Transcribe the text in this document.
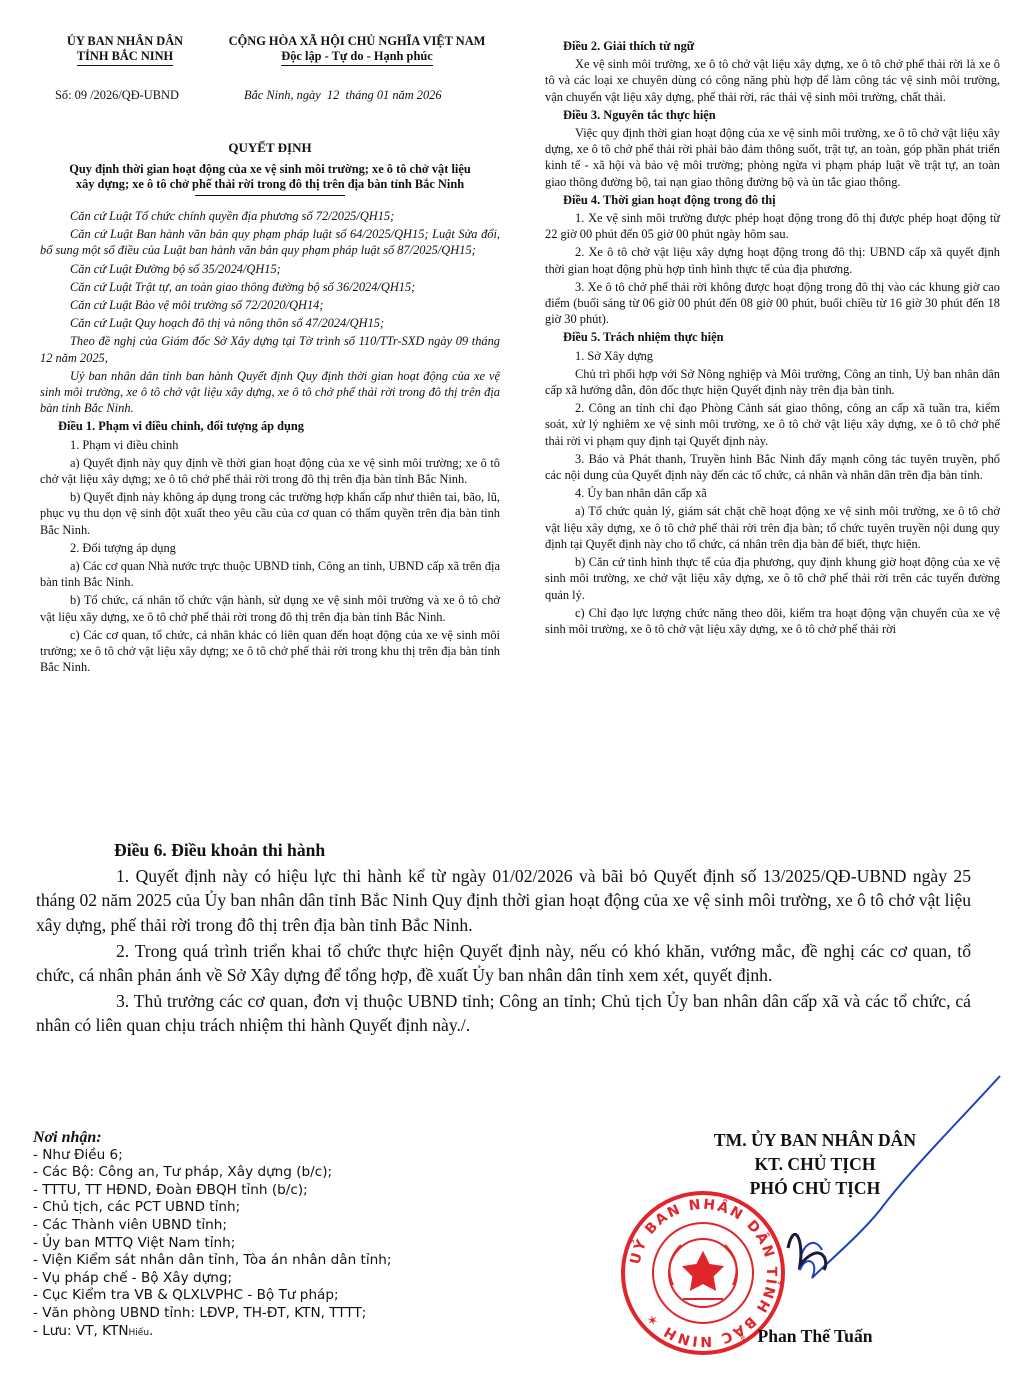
ỦY BAN NHÂN DÂN
TỈNH BẮC NINH
CỘNG HÒA XÃ HỘI CHỦ NGHĨA VIỆT NAM
Độc lập - Tự do - Hạnh phúc
Số: 09 /2026/QĐ-UBND	Bắc Ninh, ngày  12  tháng 01 năm 2026
QUYẾT ĐỊNH
Quy định thời gian hoạt động của xe vệ sinh môi trường; xe ô tô chở vật liệu
xây dựng; xe ô tô chở phế thải rời trong đô thị trên địa bàn tỉnh Bắc Ninh

Căn cứ Luật Tổ chức chính quyền địa phương số 72/2025/QH15;

Căn cứ Luật Ban hành văn bản quy phạm pháp luật số 64/2025/QH15; Luật Sửa đổi, bổ sung một số điều của Luật ban hành văn bản quy phạm pháp luật số 87/2025/QH15;

Căn cứ Luật Đường bộ số 35/2024/QH15;

Căn cứ Luật Trật tự, an toàn giao thông đường bộ số 36/2024/QH15;

Căn cứ Luật Bảo vệ môi trường số 72/2020/QH14;

Căn cứ Luật Quy hoạch đô thị và nông thôn số 47/2024/QH15;

Theo đề nghị của Giám đốc Sở Xây dựng tại Tờ trình số 110/TTr-SXD ngày 09 tháng 12 năm 2025,

Uỷ ban nhân dân tỉnh ban hành Quyết định Quy định thời gian hoạt động của xe vệ sinh môi trường, xe ô tô chở vật liệu xây dựng, xe ô tô chở phế thải rời trong đô thị trên địa bàn tỉnh Bắc Ninh.

Điều 1. Phạm vi điều chỉnh, đối tượng áp dụng

1. Phạm vi điều chỉnh

a) Quyết định này quy định về thời gian hoạt động của xe vệ sinh môi trường; xe ô tô chở vật liệu xây dựng; xe ô tô chở phế thải rời trong đô thị trên địa bàn tỉnh Bắc Ninh.

b) Quyết định này không áp dụng trong các trường hợp khẩn cấp như thiên tai, bão, lũ, phục vụ thu dọn vệ sinh đột xuất theo yêu cầu của cơ quan có thẩm quyền trên địa bàn tỉnh Bắc Ninh.

2. Đối tượng áp dụng

a) Các cơ quan Nhà nước trực thuộc UBND tỉnh, Công an tỉnh, UBND cấp xã trên địa bàn tỉnh Bắc Ninh.

b) Tổ chức, cá nhân tổ chức vận hành, sử dụng xe vệ sinh môi trường và xe ô tô chở vật liệu xây dựng, xe ô tô chở phế thải rời trong đô thị trên địa bàn tỉnh Bắc Ninh.

c) Các cơ quan, tổ chức, cá nhân khác có liên quan đến hoạt động của xe vệ sinh môi trường; xe ô tô chở vật liệu xây dựng; xe ô tô chở phế thải rời trong khu thị trên địa bàn tỉnh Bắc Ninh.

Điều 2. Giải thích từ ngữ

Xe vệ sinh môi trường, xe ô tô chở vật liệu xây dựng, xe ô tô chở phế thải rời là xe ô tô và các loại xe chuyên dùng có công năng phù hợp để làm công tác vệ sinh môi trường, vận chuyển vật liệu xây dựng, phế thải rời, rác thải vệ sinh môi trường, chất thải.

Điều 3. Nguyên tắc thực hiện

Việc quy định thời gian hoạt động của xe vệ sinh môi trường, xe ô tô chở vật liệu xây dựng, xe ô tô chở phế thải rời phải bảo đảm thông suốt, trật tự, an toàn, góp phần phát triển kinh tế - xã hội và bảo vệ môi trường; phòng ngừa vi phạm pháp luật về trật tự, an toàn giao thông đường bộ, tai nạn giao thông đường bộ và ùn tắc giao thông.

Điều 4. Thời gian hoạt động trong đô thị

1. Xe vệ sinh môi trường được phép hoạt động trong đô thị được phép hoạt động từ 22 giờ 00 phút đến 05 giờ 00 phút ngày hôm sau.

2. Xe ô tô chở vật liệu xây dựng hoạt động trong đô thị: UBND cấp xã quyết định thời gian hoạt động phù hợp tình hình thực tế của địa phương.

3. Xe ô tô chở phế thải rời không được hoạt động trong đô thị vào các khung giờ cao điểm (buổi sáng từ 06 giờ 00 phút đến 08 giờ 00 phút, buổi chiều từ 16 giờ 30 phút đến 18 giờ 30 phút).

Điều 5. Trách nhiệm thực hiện

1. Sở Xây dựng

Chủ trì phối hợp với Sở Nông nghiệp và Môi trường, Công an tỉnh, Uỷ ban nhân dân cấp xã hướng dẫn, đôn đốc thực hiện Quyết định này trên địa bàn tỉnh.

2. Công an tỉnh chỉ đạo Phòng Cảnh sát giao thông, công an cấp xã tuần tra, kiểm soát, xử lý nghiêm xe vệ sinh môi trường, xe ô tô chở vật liệu xây dựng, xe ô tô chở phế thải rời vi phạm quy định tại Quyết định này.

3. Báo và Phát thanh, Truyền hình Bắc Ninh đẩy mạnh công tác tuyên truyền, phổ các nội dung của Quyết định này đến các tổ chức, cá nhân và nhân dân trên địa bàn tỉnh.

4. Ủy ban nhân dân cấp xã

a) Tổ chức quản lý, giám sát chặt chẽ hoạt động xe vệ sinh môi trường, xe ô tô chở vật liệu xây dựng, xe ô tô chở phế thải rời trên địa bàn; tổ chức tuyên truyền nội dung quy định tại Quyết định này cho tổ chức, cá nhân trên địa bàn để biết, thực hiện.

b) Căn cứ tình hình thực tế của địa phương, quy định khung giờ hoạt động của xe vệ sinh môi trường, xe chở vật liệu xây dựng, xe ô tô chở phế thải rời trên các tuyến đường quản lý.

c) Chỉ đạo lực lượng chức năng theo dõi, kiểm tra hoạt động vận chuyển của xe vệ sinh môi trường, xe ô tô chở vật liệu xây dựng, xe ô tô chở phế thải rời

Điều 6. Điều khoản thi hành

1. Quyết định này có hiệu lực thi hành kể từ ngày 01/02/2026 và bãi bỏ Quyết định số 13/2025/QĐ-UBND ngày 25 tháng 02 năm 2025 của Ủy ban nhân dân tỉnh Bắc Ninh Quy định thời gian hoạt động của xe vệ sinh môi trường, xe ô tô chở vật liệu xây dựng, phế thải rời trong đô thị trên địa bàn tỉnh Bắc Ninh.

2. Trong quá trình triển khai tổ chức thực hiện Quyết định này, nếu có khó khăn, vướng mắc, đề nghị các cơ quan, tổ chức, cá nhân phản ánh về Sở Xây dựng để tổng hợp, đề xuất Ủy ban nhân dân tỉnh xem xét, quyết định.

3. Thủ trưởng các cơ quan, đơn vị thuộc UBND tỉnh; Công an tỉnh; Chủ tịch Ủy ban nhân dân cấp xã và các tổ chức, cá nhân có liên quan chịu trách nhiệm thi hành Quyết định này./.

Nơi nhận:
- Như Điều 6;
- Các Bộ: Công an, Tư pháp, Xây dựng (b/c);
- TTTU, TT HĐND, Đoàn ĐBQH tỉnh (b/c);
- Chủ tịch, các PCT UBND tỉnh;
- Các Thành viên UBND tỉnh;
- Ủy ban MTTQ Việt Nam tỉnh;
- Viện Kiểm sát nhân dân tỉnh, Tòa án nhân dân tỉnh;
- Vụ pháp chế - Bộ Xây dựng;
- Cục Kiểm tra VB & QLXLVPHC - Bộ Tư pháp;
- Văn phòng UBND tỉnh: LĐVP, TH-ĐT, KTN, TTTT;
- Lưu: VT, KTNHiếu.
TM. ỦY BAN NHÂN DÂN
KT. CHỦ TỊCH
PHÓ CHỦ TỊCH
UỶ BAN NHÂN DÂN TỈNH BẮC NINH ✶
Phan Thế Tuấn
